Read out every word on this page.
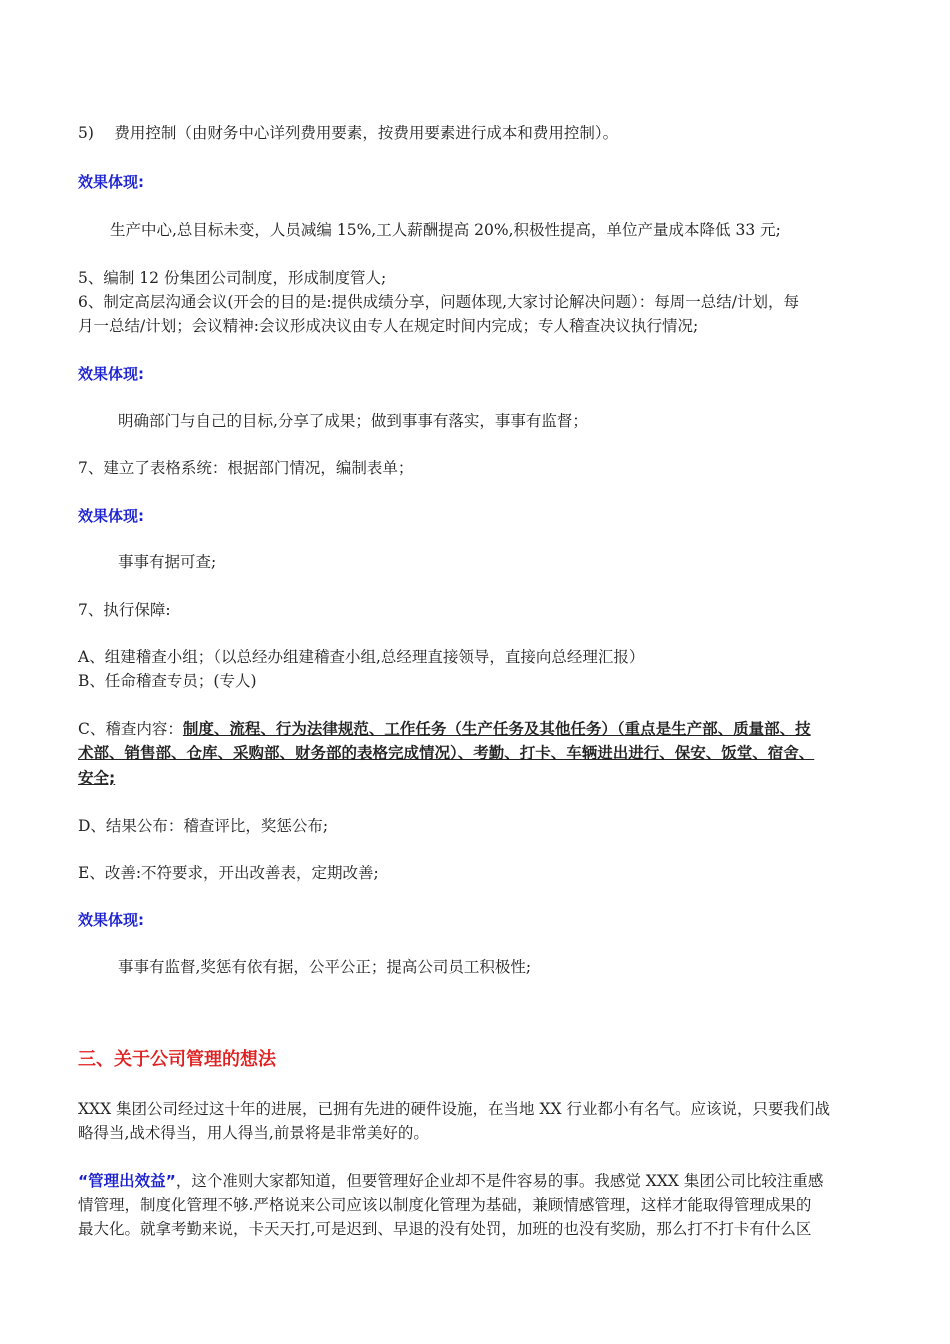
5)　 费用控制（由财务中心详列费用要素，按费用要素进行成本和费用控制）。
效果体现:
生产中心,总目标未变，人员减编 15%,工人薪酬提高 20%,积极性提高，单位产量成本降低 33 元;
5、编制 12 份集团公司制度，形成制度管人;
6、制定高层沟通会议(开会的目的是:提供成绩分享，问题体现,大家讨论解决问题）：每周一总结/计划，每
月一总结/计划；会议精神:会议形成决议由专人在规定时间内完成；专人稽查决议执行情况;
效果体现:
明确部门与自己的目标,分享了成果；做到事事有落实，事事有监督；
7、建立了表格系统：根据部门情况，编制表单；
效果体现:
事事有据可查;
7、执行保障:
A、组建稽查小组；（以总经办组建稽查小组,总经理直接领导，直接向总经理汇报）
B、任命稽查专员；(专人)
C、稽查内容：制度、流程、行为法律规范、工作任务（生产任务及其他任务）（重点是生产部、质量部、技
术部、销售部、仓库、采购部、财务部的表格完成情况）、考勤、打卡、车辆进出进行、保安、饭堂、宿舍、
安全;
D、结果公布：稽查评比，奖惩公布;
E、改善:不符要求，开出改善表，定期改善;
效果体现:
事事有监督,奖惩有依有据，公平公正；提高公司员工积极性;
三、关于公司管理的想法
XXX 集团公司经过这十年的进展，已拥有先进的硬件设施，在当地 XX 行业都小有名气。应该说，只要我们战
略得当,战术得当，用人得当,前景将是非常美好的。
“管理出效益”，这个准则大家都知道，但要管理好企业却不是件容易的事。我感觉 XXX 集团公司比较注重感
情管理，制度化管理不够.严格说来公司应该以制度化管理为基础，兼顾情感管理，这样才能取得管理成果的
最大化。就拿考勤来说，卡天天打,可是迟到、早退的没有处罚，加班的也没有奖励，那么打不打卡有什么区
